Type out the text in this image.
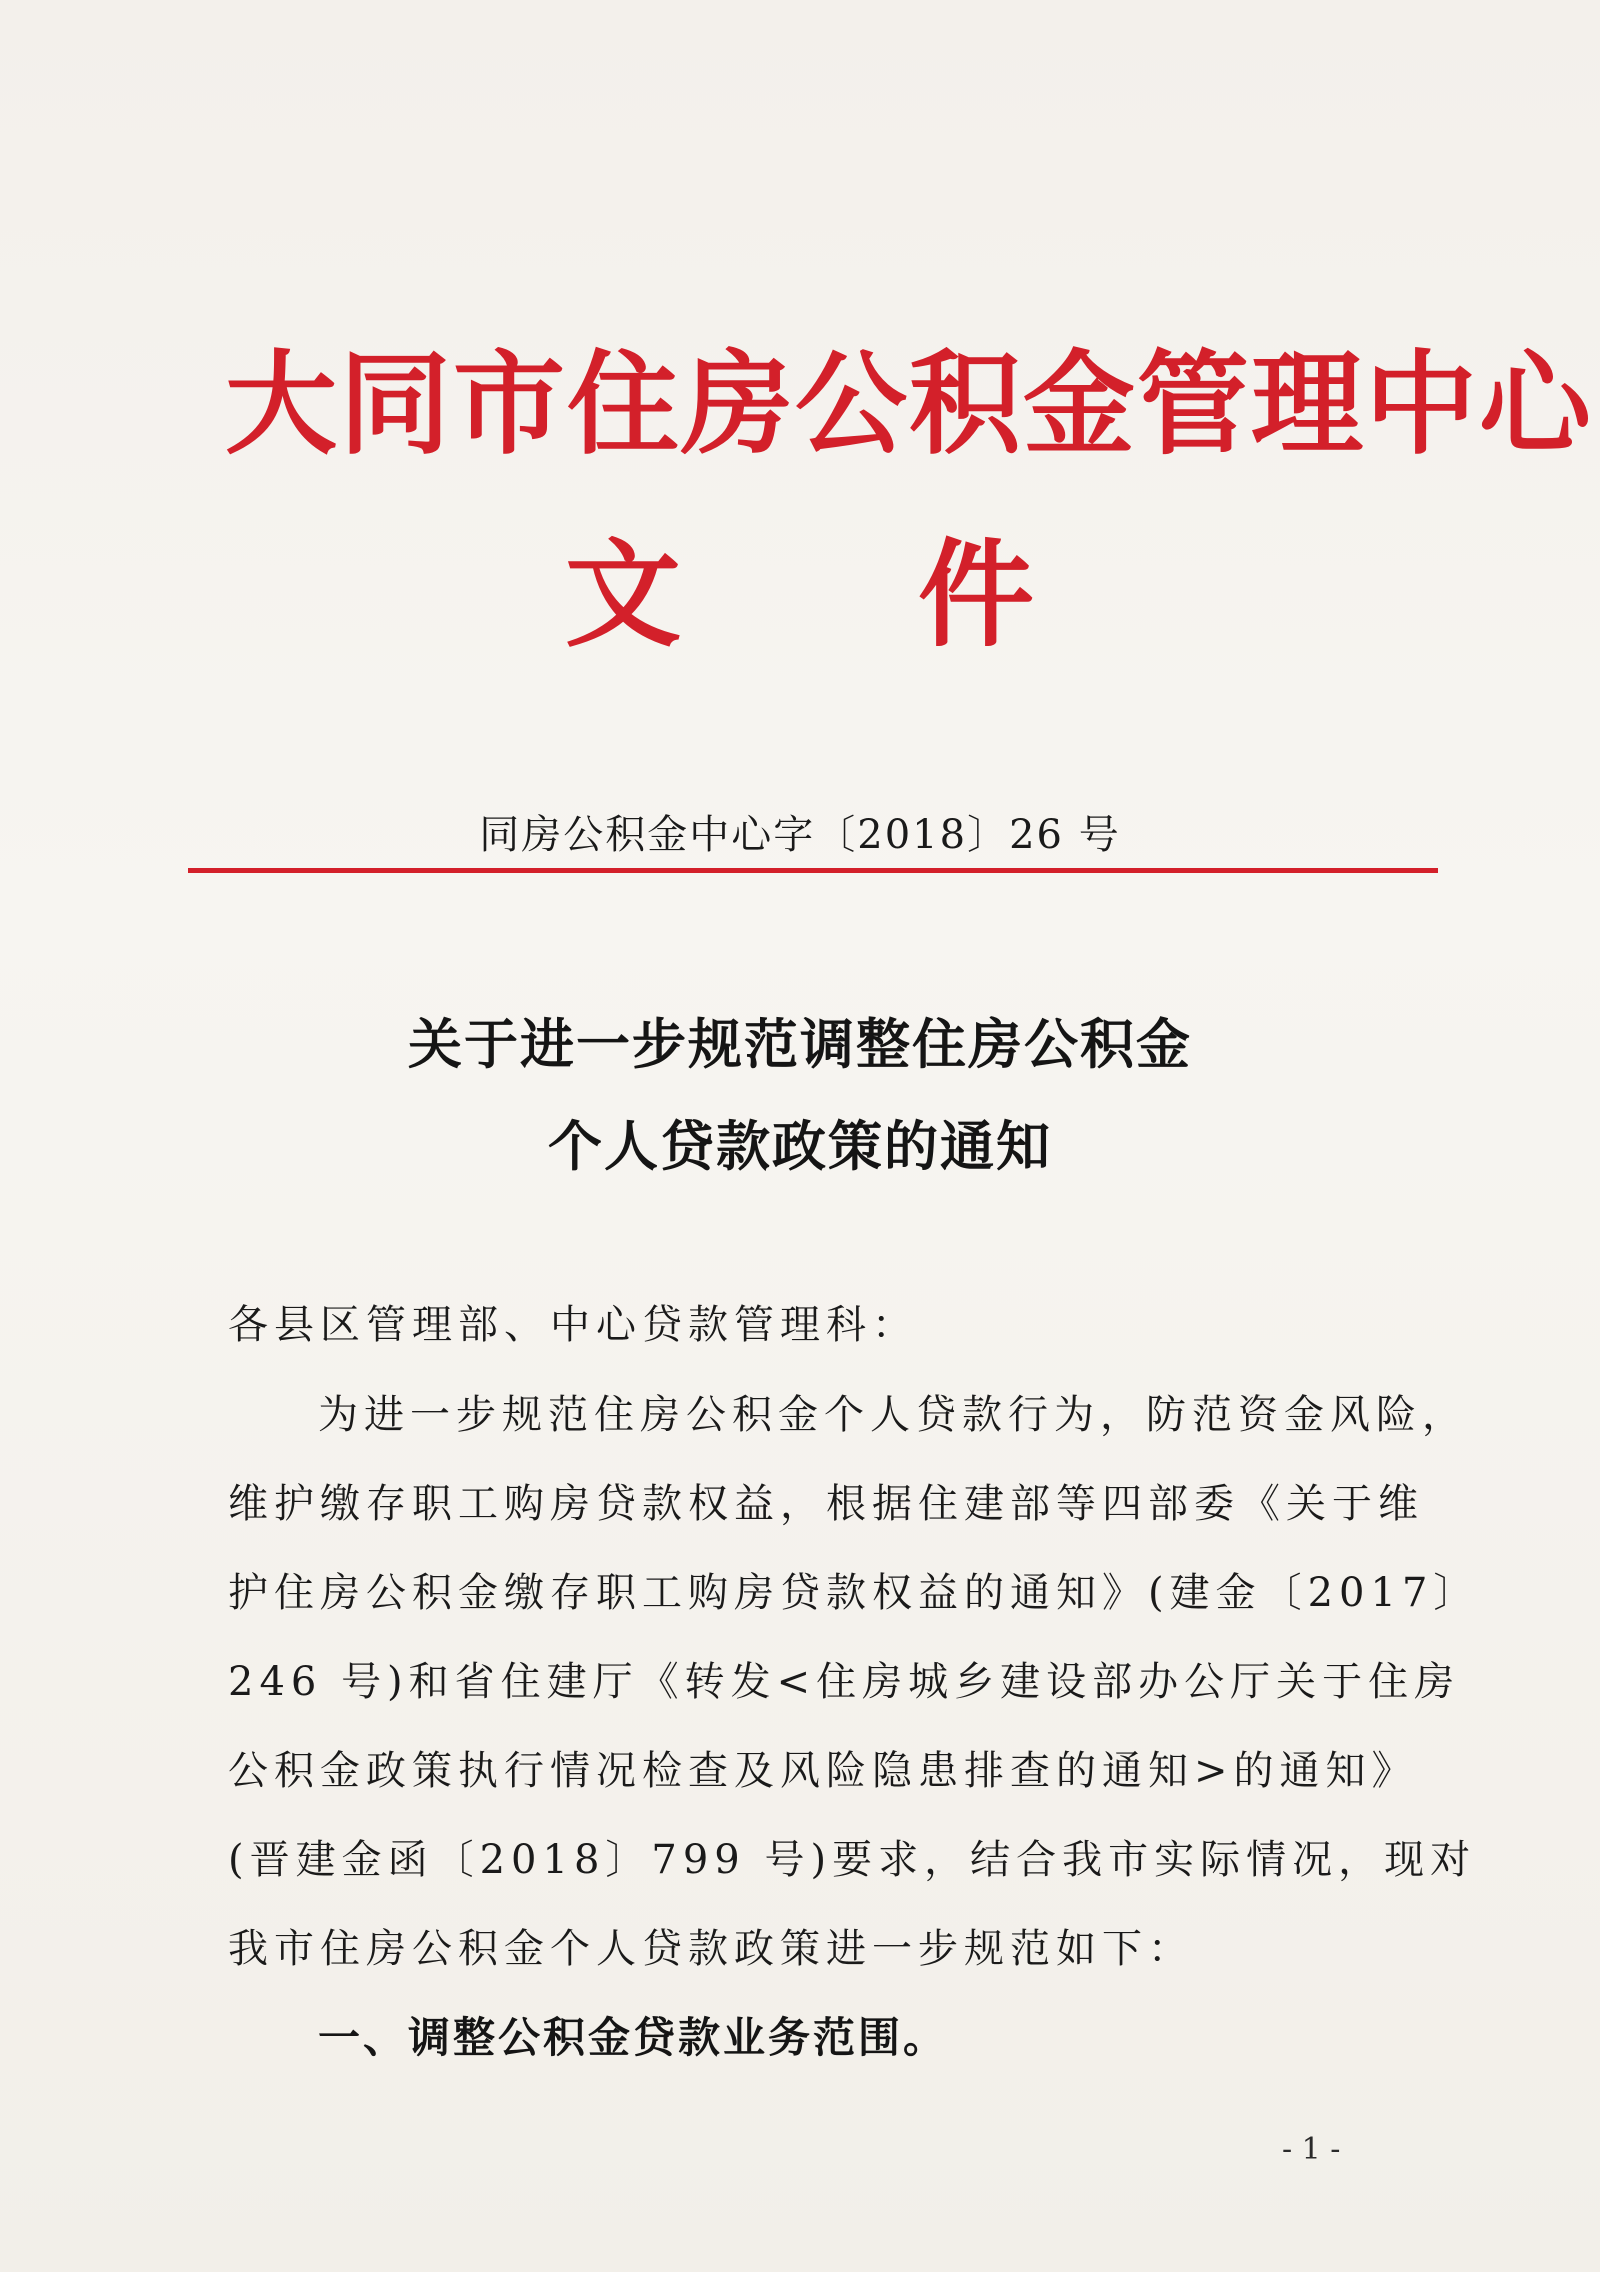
大同市住房公积金管理中心
文 件
同房公积金中心字〔2018〕26 号
关于进一步规范调整住房公积金
个人贷款政策的通知
各县区管理部、中心贷款管理科：
为进一步规范住房公积金个人贷款行为，防范资金风险，
维护缴存职工购房贷款权益，根据住建部等四部委《关于维
护住房公积金缴存职工购房贷款权益的通知》(建金〔2017〕
246 号)和省住建厅《转发<住房城乡建设部办公厅关于住房
公积金政策执行情况检查及风险隐患排查的通知>的通知》
(晋建金函〔2018〕799 号)要求，结合我市实际情况，现对
我市住房公积金个人贷款政策进一步规范如下：
一、调整公积金贷款业务范围。
- 1 -
